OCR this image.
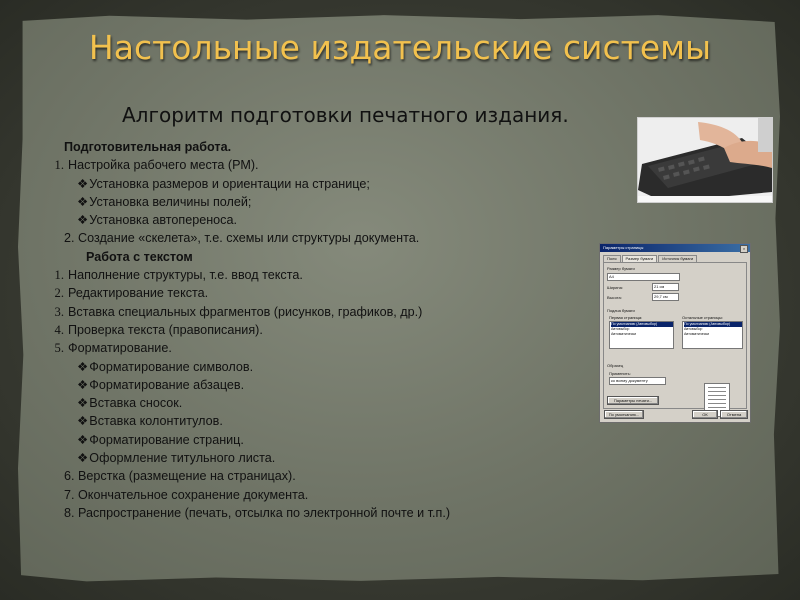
Настольные издательские системы
Алгоритм подготовки печатного издания.
Подготовительная работа.
1. Настройка рабочего места (РМ).
❖Установка размеров и ориентации на странице;
❖Установка величины полей;
❖Установка автопереноса.
2. Создание «скелета», т.е. схемы или структуры документа.
Работа с текстом
1. Наполнение структуры, т.е. ввод текста.
2. Редактирование текста.
3. Вставка специальных фрагментов (рисунков, графиков, др.)
4. Проверка текста (правописания).
5. Форматирование.
❖Форматирование символов.
❖Форматирование абзацев.
❖Вставка сносок.
❖Вставка колонтитулов.
❖Форматирование страниц.
❖Оформление титульного листа.
6. Верстка (размещение на страницах).
7. Окончательное сохранение документа.
8. Распространение (печать, отсылка по электронной почте и т.п.)
Параметры страницы	×
Поля Размер бумаги Источник бумаги
Размер бумаги
А4
Ширина:	21 см
Высота:	29,7 см
Подача бумаги
Первая страница:	Остальные страницы:
По умолчанию (Автовыбор)
Автовыбор
Автоматически
По умолчанию (Автовыбор)
Автовыбор
Автоматически
Образец
Применить:
ко всему документу
Параметры печати...
По умолчанию...	ОК	Отмена
